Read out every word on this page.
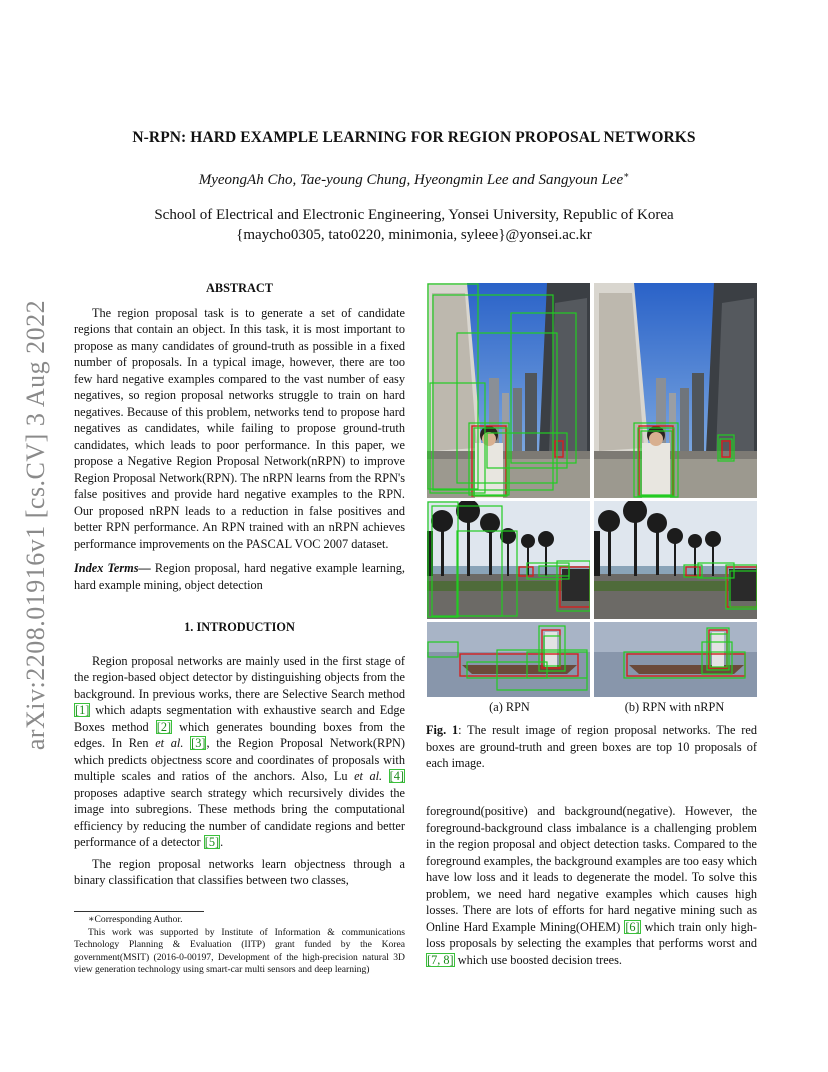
arXiv:2208.01916v1 [cs.CV] 3 Aug 2022
N-RPN: HARD EXAMPLE LEARNING FOR REGION PROPOSAL NETWORKS
MyeongAh Cho, Tae-young Chung, Hyeongmin Lee and Sangyoun Lee∗
School of Electrical and Electronic Engineering, Yonsei University, Republic of Korea
{maycho0305, tato0220, minimonia, syleee}@yonsei.ac.kr
ABSTRACT

The region proposal task is to generate a set of candidate regions that contain an object. In this task, it is most important to propose as many candidates of ground-truth as possible in a fixed number of proposals. In a typical image, however, there are too few hard negative examples compared to the vast number of easy negatives, so region proposal networks struggle to train on hard negatives. Because of this problem, networks tend to propose hard negatives as candidates, while failing to propose ground-truth candidates, which leads to poor performance. In this paper, we propose a Negative Region Proposal Network(nRPN) to improve Region Proposal Network(RPN). The nRPN learns from the RPN's false positives and provide hard negative examples to the RPN. Our proposed nRPN leads to a reduction in false positives and better RPN performance. An RPN trained with an nRPN achieves performance improvements on the PASCAL VOC 2007 dataset.

Index Terms— Region proposal, hard negative example learning, hard example mining, object detection

1. INTRODUCTION

Region proposal networks are mainly used in the first stage of the region-based object detector by distinguishing objects from the background. In previous works, there are Selective Search method [1] which adapts segmentation with exhaustive search and Edge Boxes method [2] which generates bounding boxes from the edges. In Ren et al. [3], the Region Proposal Network(RPN) which predicts objectness score and coordinates of proposals with multiple scales and ratios of the anchors. Also, Lu et al. [4] proposes adaptive search strategy which recursively divides the image into subregions. These methods bring the computational efficiency by reducing the number of candidate regions and better performance of a detector [5].

The region proposal networks learn objectness through a binary classification that classifies between two classes,

∗Corresponding Author.
This work was supported by Institute of Information & communications Technology Planning & Evaluation (IITP) grant funded by the Korea government(MSIT) (2016-0-00197, Development of the high-precision natural 3D view generation technology using smart-car multi sensors and deep learning)
(a) RPN	(b) RPN with nRPN
Fig. 1: The result image of region proposal networks. The red boxes are ground-truth and green boxes are top 10 proposals of each image.

foreground(positive) and background(negative). However, the foreground-background class imbalance is a challenging problem in the region proposal and object detection tasks. Compared to the foreground examples, the background examples are too easy which have low loss and it leads to degenerate the model. To solve this problem, we need hard negative examples which causes high losses. There are lots of efforts for hard negative mining such as Online Hard Example Mining(OHEM) [6] which train only high-loss proposals by selecting the examples that performs worst and [7, 8] which use boosted decision trees.
